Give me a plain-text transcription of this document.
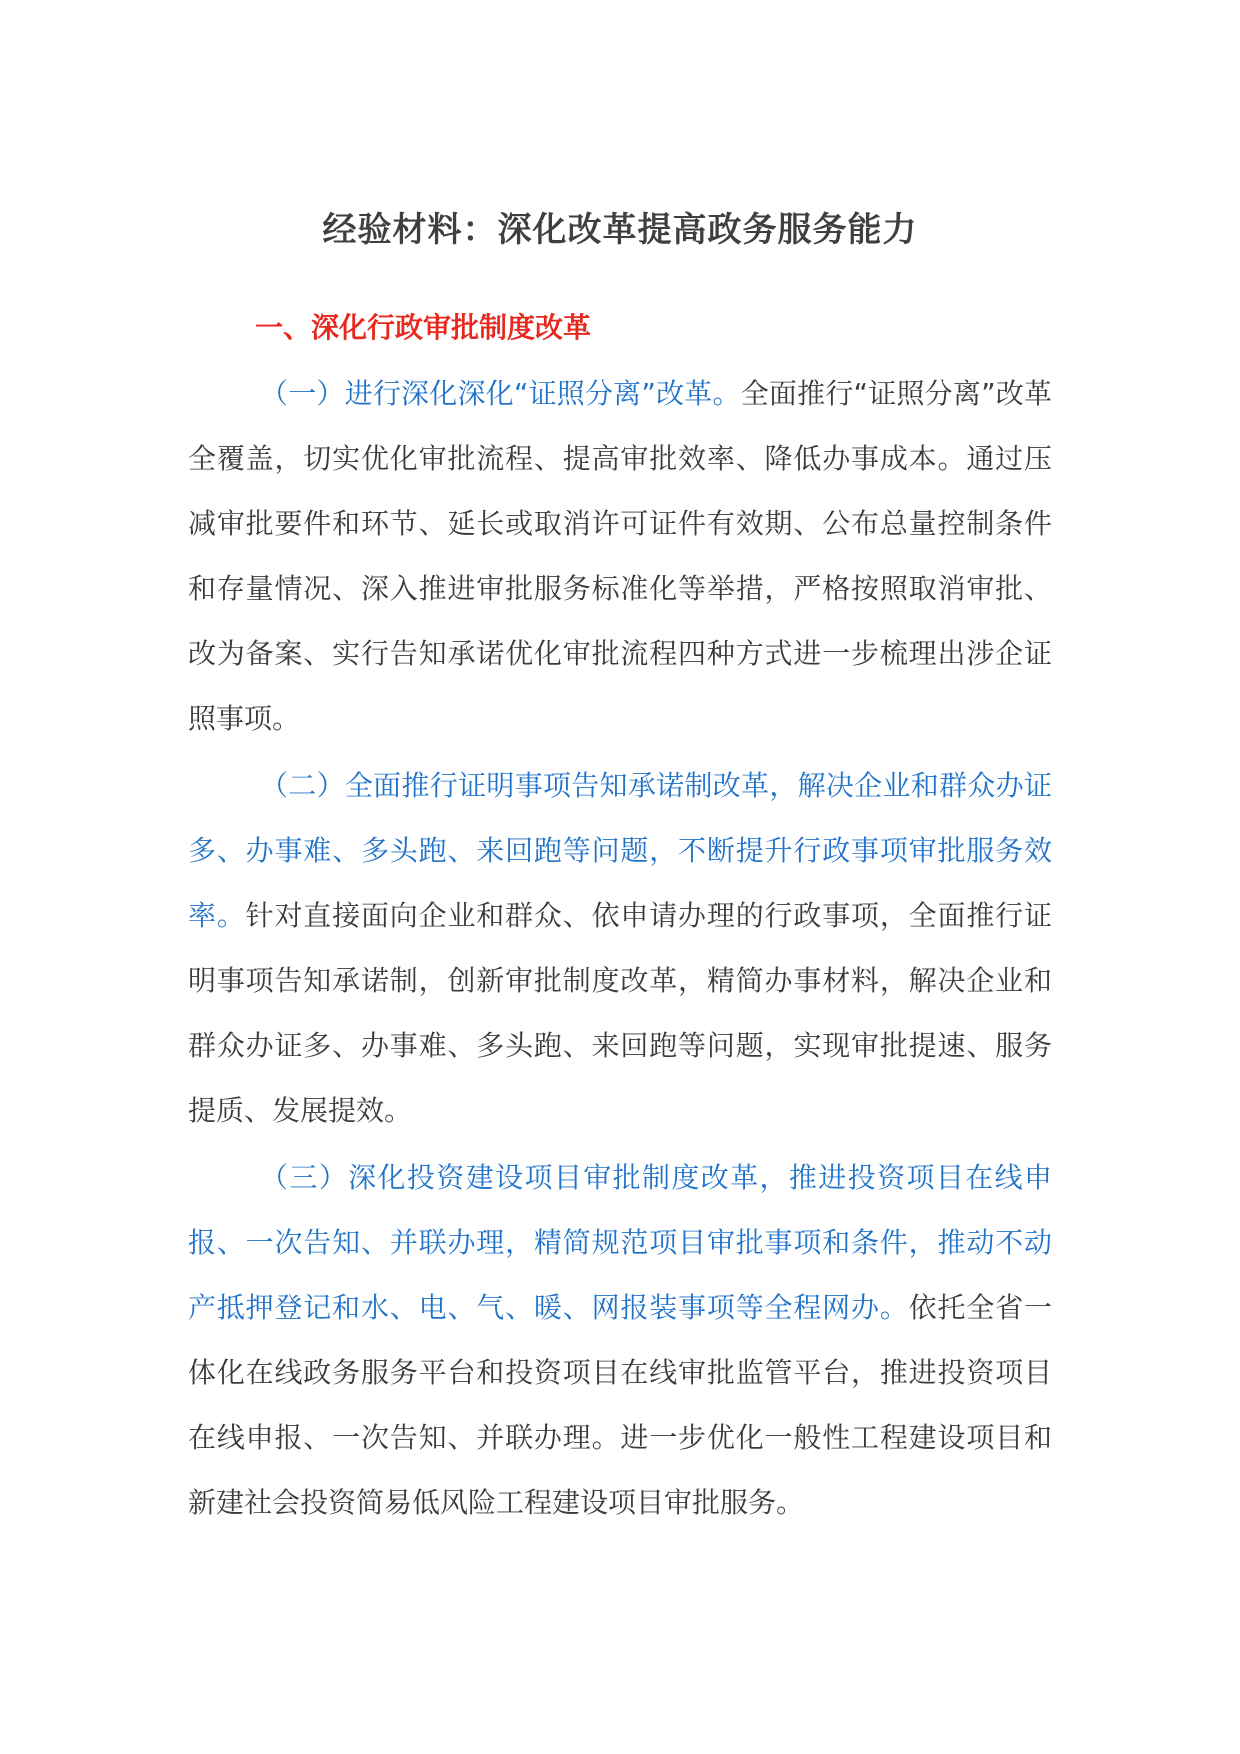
经验材料：深化改革提高政务服务能力
一、深化行政审批制度改革

（一）进行深化深化“证照分离”改革。全面推行“证照分离”改革全覆盖，切实优化审批流程、提高审批效率、降低办事成本。通过压减审批要件和环节、延长或取消许可证件有效期、公布总量控制条件和存量情况、深入推进审批服务标准化等举措，严格按照取消审批、改为备案、实行告知承诺优化审批流程四种方式进一步梳理出涉企证照事项。

（二）全面推行证明事项告知承诺制改革，解决企业和群众办证多、办事难、多头跑、来回跑等问题，不断提升行政事项审批服务效率。针对直接面向企业和群众、依申请办理的行政事项，全面推行证明事项告知承诺制，创新审批制度改革，精简办事材料，解决企业和群众办证多、办事难、多头跑、来回跑等问题，实现审批提速、服务提质、发展提效。

（三）深化投资建设项目审批制度改革，推进投资项目在线申报、一次告知、并联办理，精简规范项目审批事项和条件，推动不动产抵押登记和水、电、气、暖、网报装事项等全程网办。依托全省一体化在线政务服务平台和投资项目在线审批监管平台，推进投资项目在线申报、一次告知、并联办理。进一步优化一般性工程建设项目和新建社会投资简易低风险工程建设项目审批服务。
